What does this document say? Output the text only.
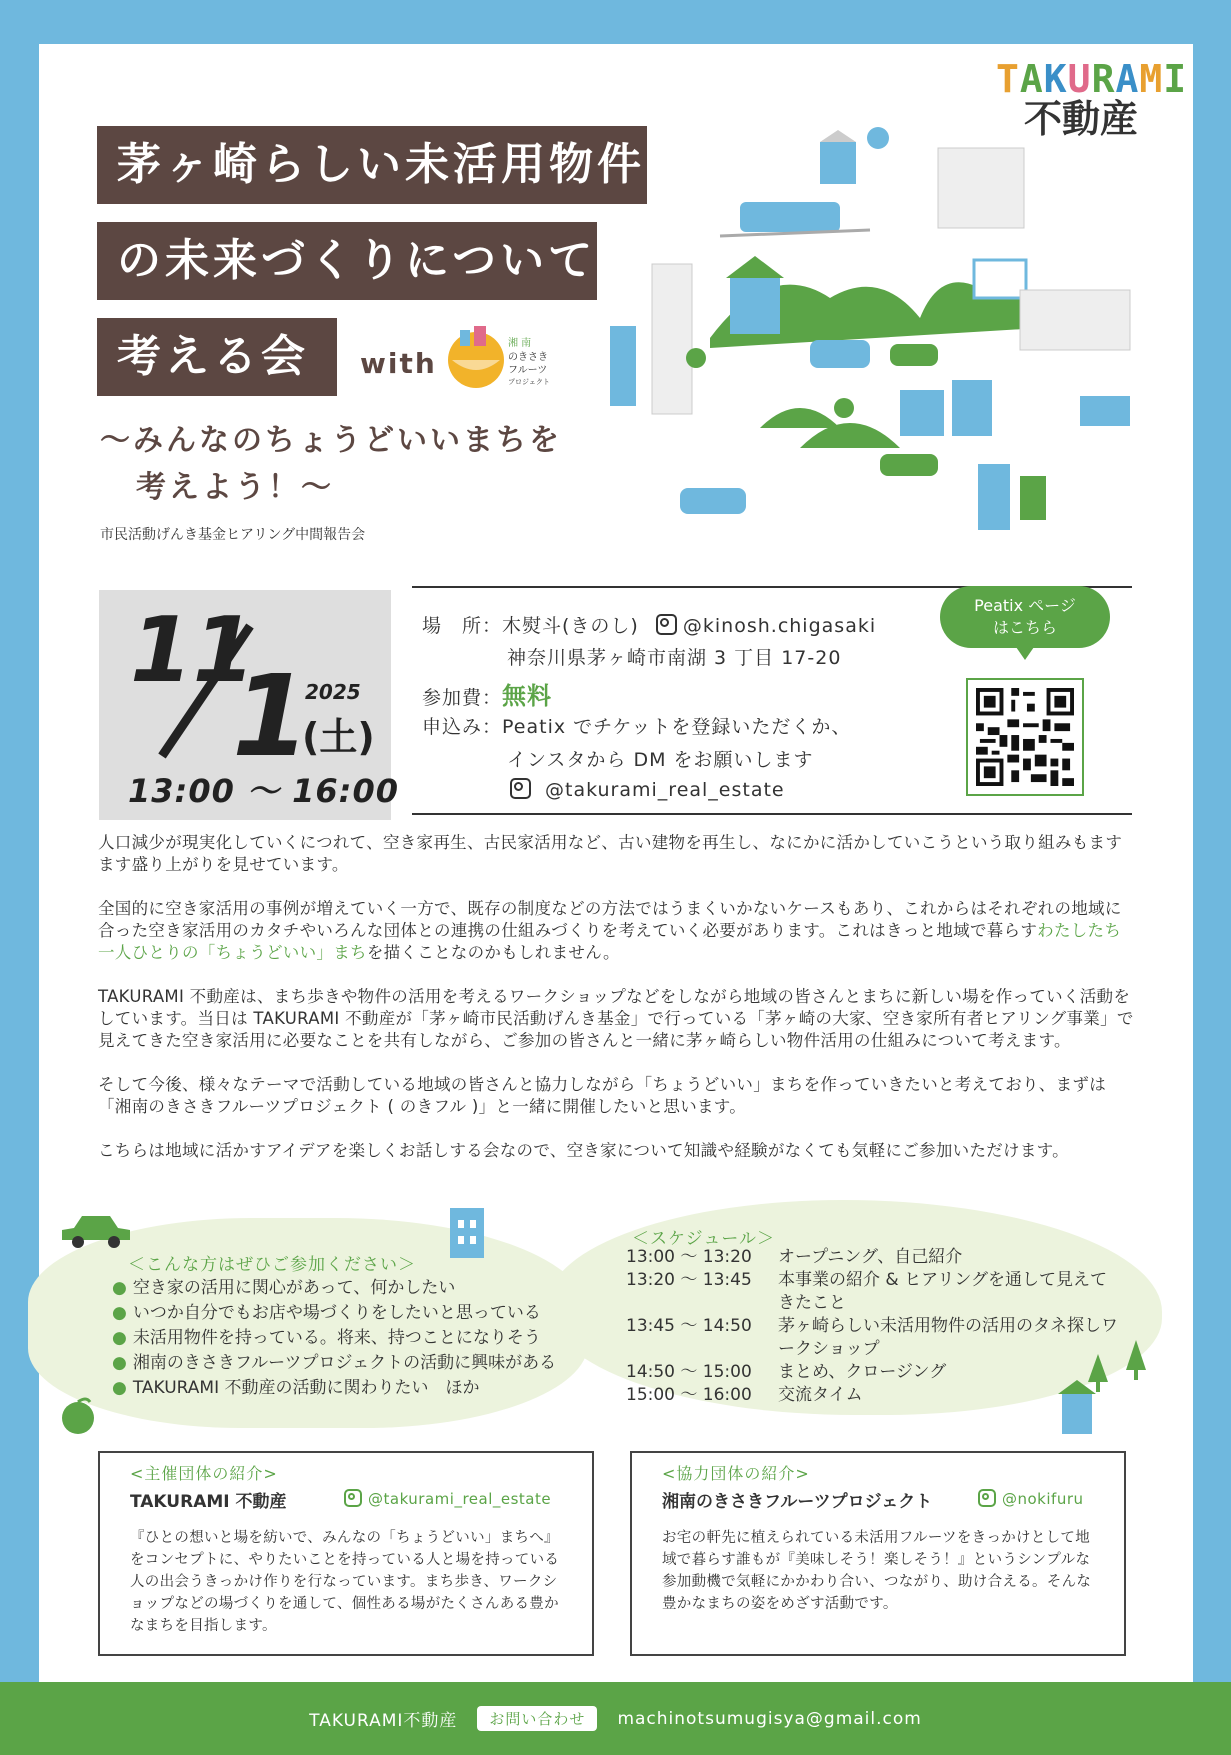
TAKURAMI
不動産
茅ヶ崎らしい未活用物件
の未来づくりについて
考える会	with
湘 南
のきさき
フルーツ
プロジェクト
～みんなのちょうどいいまちを
考えよう！～
市民活動げんき基金ヒアリング中間報告会
11
1
2025
(土)
13:00 ～ 16:00
場　所：木熨斗(きのし) @kinosh.chigasaki
神奈川県茅ヶ崎市南湖 3 丁目 17-20
参加費：無料
申込み：Peatix でチケットを登録いただくか、
インスタから DM をお願いします
@takurami_real_estate
Peatix ページ
はこちら

人口減少が現実化していくにつれて、空き家再生、古民家活用など、古い建物を再生し、なにかに活かしていこうという取り組みもますます盛り上がりを見せています。

全国的に空き家活用の事例が増えていく一方で、既存の制度などの方法ではうまくいかないケースもあり、これからはそれぞれの地域に合った空き家活用のカタチやいろんな団体との連携の仕組みづくりを考えていく必要があります。これはきっと地域で暮らすわたしたち一人ひとりの「ちょうどいい」まちを描くことなのかもしれません。

TAKURAMI 不動産は、まち歩きや物件の活用を考えるワークショップなどをしながら地域の皆さんとまちに新しい場を作っていく活動をしています。当日は TAKURAMI 不動産が「茅ヶ崎市民活動げんき基金」で行っている「茅ヶ崎の大家、空き家所有者ヒアリング事業」で見えてきた空き家活用に必要なことを共有しながら、ご参加の皆さんと一緒に茅ヶ崎らしい物件活用の仕組みについて考えます。

そして今後、様々なテーマで活動している地域の皆さんと協力しながら「ちょうどいい」まちを作っていきたいと考えており、まずは「湘南のきさきフルーツプロジェクト ( のきフル )」と一緒に開催したいと思います。

こちらは地域に活かすアイデアを楽しくお話しする会なので、空き家について知識や経験がなくても気軽にご参加いただけます。

＜こんな方はぜひご参加ください＞
● 空き家の活用に関心があって、何かしたい
● いつか自分でもお店や場づくりをしたいと思っている
● 未活用物件を持っている。将来、持つことになりそう
● 湘南のきさきフルーツプロジェクトの活動に興味がある
● TAKURAMI 不動産の活動に関わりたい　ほか
＜スケジュール＞
13:00 ～ 13:20	オープニング、自己紹介
13:20 ～ 13:45	本事業の紹介 & ヒアリングを通して見えてきたこと
13:45 ～ 14:50	茅ヶ崎らしい未活用物件の活用のタネ探しワークショップ
14:50 ～ 15:00	まとめ、クロージング
15:00 ～ 16:00	交流タイム
<主催団体の紹介>
TAKURAMI 不動産	@takurami_real_estate
『ひとの想いと場を紡いで、みんなの「ちょうどいい」まちへ』をコンセプトに、やりたいことを持っている人と場を持っている人の出会うきっかけ作りを行なっています。まち歩き、ワークショップなどの場づくりを通して、個性ある場がたくさんある豊かなまちを目指します。
<協力団体の紹介>
湘南のきさきフルーツプロジェクト	@nokifuru
お宅の軒先に植えられている未活用フルーツをきっかけとして地域で暮らす誰もが『美味しそう！楽しそう！』というシンプルな参加動機で気軽にかかわり合い、つながり、助け合える。そんな豊かなまちの姿をめざす活動です。
TAKURAMI不動産	お問い合わせ	machinotsumugisya@gmail.com
